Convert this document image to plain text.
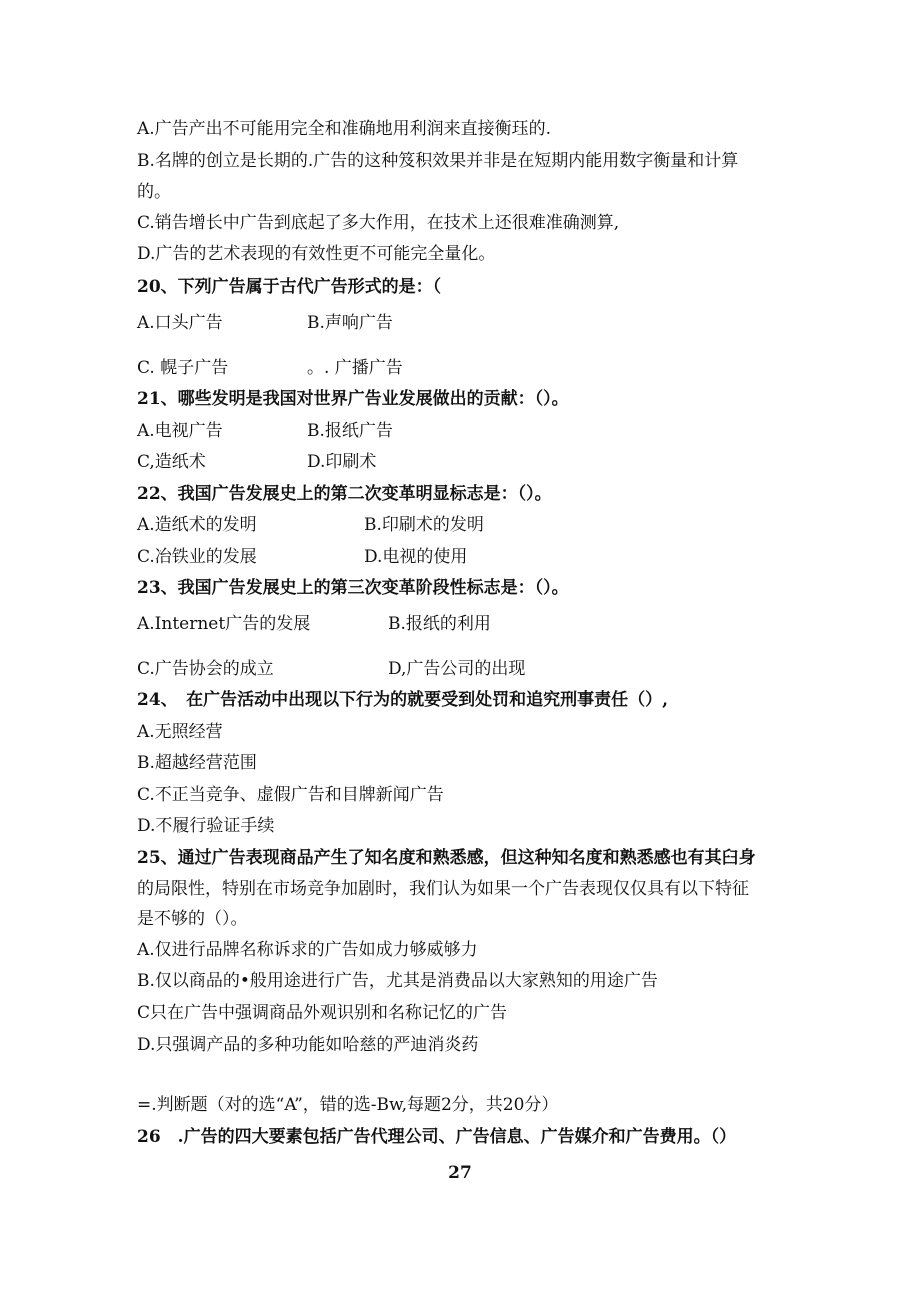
A.广告产出不可能用完全和准确地用利润来直接衡珏的.
B.名牌的创立是长期的.广告的这种笈积效果并非是在短期内能用数字衡量和计算
的。
C.销告增长中广告到底起了多大作用，在技术上还很难准确测算,
D.广告的艺术表现的有效性更不可能完全量化。
20、下列广告属于古代广告形式的是：（
A.口头广告	B.声响广告
C. 幌子广告	。. 广播广告
21、哪些发明是我国对世界广告业发展做出的贡献：（）。
A.电视广告	B.报纸广告
C,造纸术	D.印刷术
22、我国广告发展史上的第二次变革明显标志是：（）。
A.造纸术的发明	B.印刷术的发明
C.冶铁业的发展	D.电视的使用
23、我国广告发展史上的第三次变革阶段性标志是：（）。
A.Internet广告的发展	B.报纸的利用
C.广告协会的成立	D,广告公司的出现
24、　在广告活动中出现以下行为的就要受到处罚和追究刑事责任（）,
A.无照经营
B.超越经营范围
C.不正当竞争、虚假广告和目牌新闻广告
D.不履行验证手续
25、通过广告表现商品产生了知名度和熟悉感，但这种知名度和熟悉感也有其臼身
的局限性，特别在市场竞争加剧时，我们认为如果一个广告表现仅仅具有以下特征
是不够的（）。
A.仅进行品牌名称诉求的广告如成力够威够力
B.仅以商品的•般用途进行广告，尤其是消费品以大家熟知的用途广告
C只在广告中强调商品外观识别和名称记忆的广告
D.只强调产品的多种功能如哈慈的严迪消炎药
=.判断题（对的选“A”，错的选-Bw,每题2分，共20分）
26　.广告的四大要素包括广告代理公司、广告信息、广告媒介和广告费用。（）
27
